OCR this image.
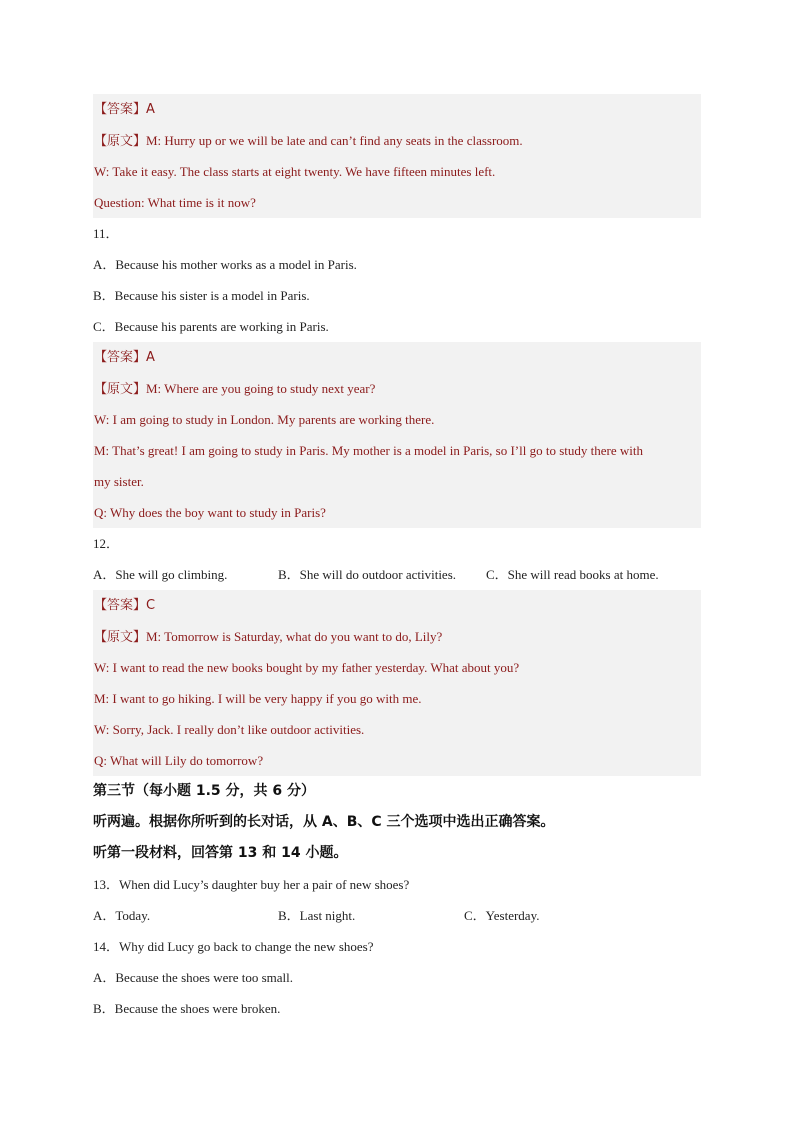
【答案】A
【原文】M: Hurry up or we will be late and can’t find any seats in the classroom.
W: Take it easy. The class starts at eight twenty. We have fifteen minutes left.
Question: What time is it now?
11．
A．Because his mother works as a model in Paris.
B．Because his sister is a model in Paris.
C．Because his parents are working in Paris.
【答案】A
【原文】M: Where are you going to study next year?
W: I am going to study in London. My parents are working there.
M: That’s great! I am going to study in Paris. My mother is a model in Paris, so I’ll go to study there with
my sister.
Q: Why does the boy want to study in Paris?
12．
A．She will go climbing.	B．She will do outdoor activities.	C．She will read books at home.
【答案】C
【原文】M: Tomorrow is Saturday, what do you want to do, Lily?
W: I want to read the new books bought by my father yesterday. What about you?
M: I want to go hiking. I will be very happy if you go with me.
W: Sorry, Jack. I really don’t like outdoor activities.
Q: What will Lily do tomorrow?
第三节（每小题 1.5 分，共 6 分）
听两遍。根据你所听到的长对话，从 A、B、C 三个选项中选出正确答案。
听第一段材料，回答第 13 和 14 小题。
13．When did Lucy’s daughter buy her a pair of new shoes?
A．Today.	B．Last night.	C．Yesterday.
14．Why did Lucy go back to change the new shoes?
A．Because the shoes were too small.
B．Because the shoes were broken.
